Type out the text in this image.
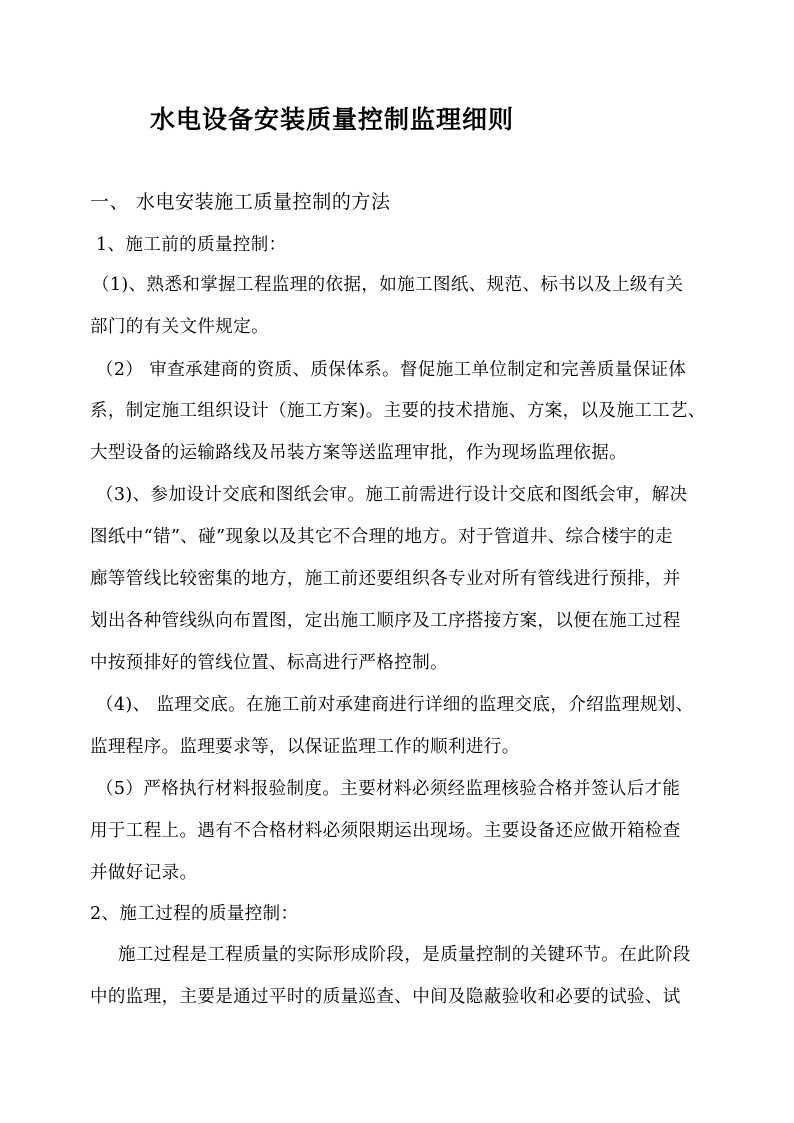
水电设备安装质量控制监理细则

一、 水电安装施工质量控制的方法

1、施工前的质量控制：

（1)、熟悉和掌握工程监理的依据，如施工图纸、规范、标书以及上级有关

部门的有关文件规定。

（2） 审查承建商的资质、质保体系。督促施工单位制定和完善质量保证体

系，制定施工组织设计（施工方案)。主要的技术措施、方案，以及施工工艺、

大型设备的运输路线及吊装方案等送监理审批，作为现场监理依据。

（3)、参加设计交底和图纸会审。施工前需进行设计交底和图纸会审，解决

图纸中“错”、碰”现象以及其它不合理的地方。对于管道井、综合楼宇的走

廊等管线比较密集的地方，施工前还要组织各专业对所有管线进行预排，并

划出各种管线纵向布置图，定出施工顺序及工序搭接方案，以便在施工过程

中按预排好的管线位置、标高进行严格控制。

（4)、 监理交底。在施工前对承建商进行详细的监理交底，介绍监理规划、

监理程序。监理要求等，以保证监理工作的顺利进行。

（5）严格执行材料报验制度。主要材料必须经监理核验合格并签认后才能

用于工程上。遇有不合格材料必须限期运出现场。主要设备还应做开箱检查

并做好记录。

2、施工过程的质量控制：

施工过程是工程质量的实际形成阶段，是质量控制的关键环节。在此阶段

中的监理，主要是通过平时的质量巡查、中间及隐蔽验收和必要的试验、试
